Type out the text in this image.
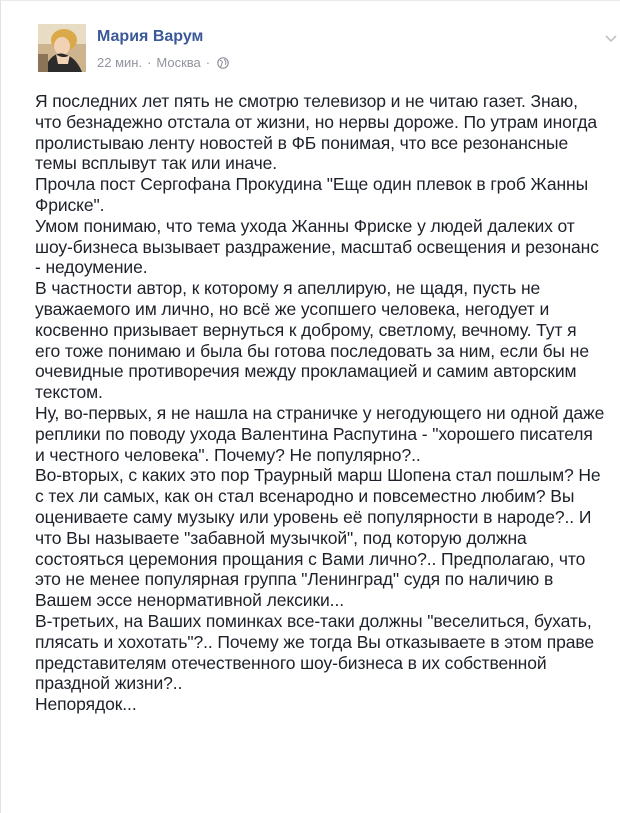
Мария Варум
22 мин. · Москва ·

Я последних лет пять не смотрю телевизор и не читаю газет. Знаю,

что безнадежно отстала от жизни, но нервы дороже. По утрам иногда

пролистываю ленту новостей в ФБ понимая, что все резонансные

темы всплывут так или иначе.

Прочла пост Сергофана Прокудина "Еще один плевок в гроб Жанны

Фриске".

Умом понимаю, что тема ухода Жанны Фриске у людей далеких от

шоу-бизнеса вызывает раздражение, масштаб освещения и резонанс

- недоумение.

В частности автор, к которому я апеллирую, не щадя, пусть не

уважаемого им лично, но всё же усопшего человека, негодует и

косвенно призывает вернуться к доброму, светлому, вечному. Тут я

его тоже понимаю и была бы готова последовать за ним, если бы не

очевидные противоречия между прокламацией и самим авторским

текстом.

Ну, во-первых, я не нашла на страничке у негодующего ни одной даже

реплики по поводу ухода Валентина Распутина - "хорошего писателя

и честного человека". Почему? Не популярно?..

Во-вторых, с каких это пор Траурный марш Шопена стал пошлым? Не

с тех ли самых, как он стал всенародно и повсеместно любим? Вы

оцениваете саму музыку или уровень её популярности в народе?.. И

что Вы называете "забавной музычкой", под которую должна

состояться церемония прощания с Вами лично?.. Предполагаю, что

это не менее популярная группа "Ленинград" судя по наличию в

Вашем эссе ненормативной лексики...

В-третьих, на Ваших поминках все-таки должны "веселиться, бухать,

плясать и хохотать"?.. Почему же тогда Вы отказываете в этом праве

представителям отечественного шоу-бизнеса в их собственной

праздной жизни?..

Непорядок...
